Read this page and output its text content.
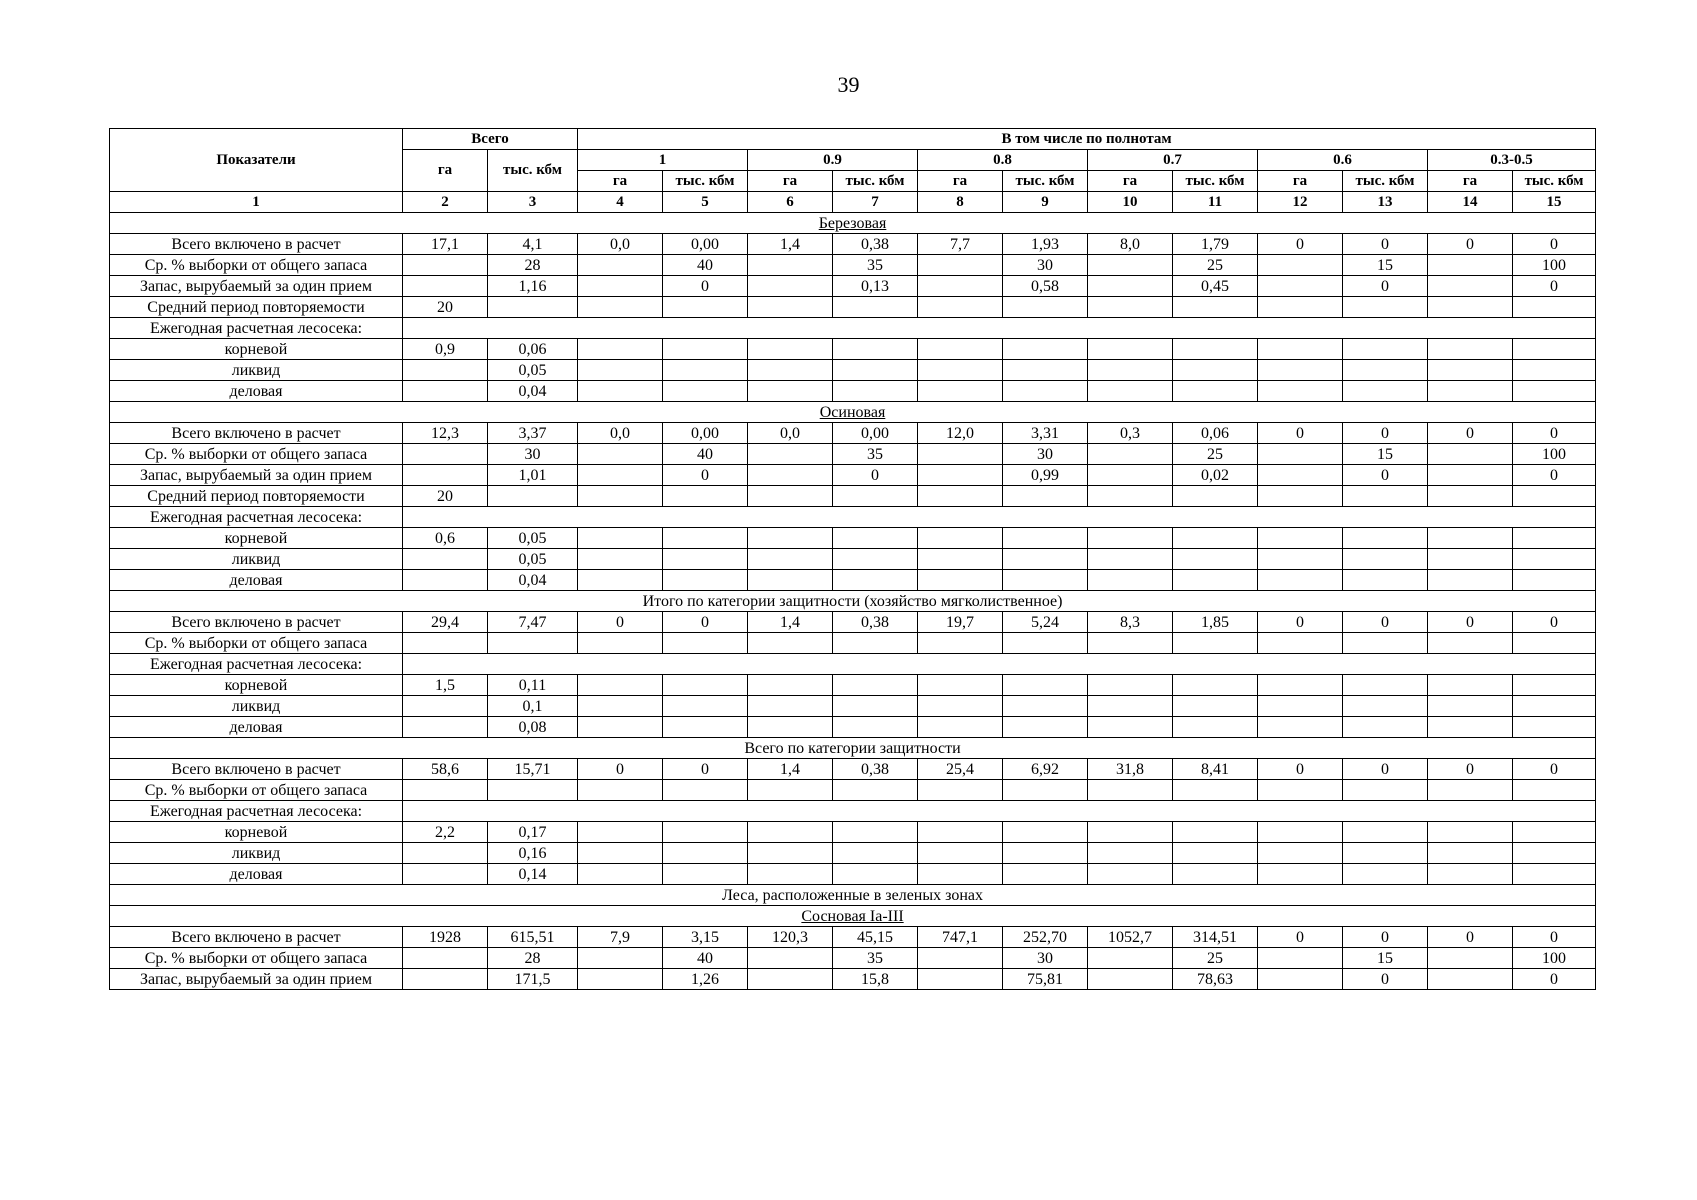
39
Показатели	Всего		В том числе по полнотам											
	га	тыс. кбм	1		0.9		0.8		0.7		0.6		0.3-0.5	
			га	тыс. кбм	га	тыс. кбм	га	тыс. кбм	га	тыс. кбм	га	тыс. кбм	га	тыс. кбм
1	2	3	4	5	6	7	8	9	10	11	12	13	14	15
Березовая														
Всего включено в расчет	17,1	4,1	0,0	0,00	1,4	0,38	7,7	1,93	8,0	1,79	0	0	0	0
Ср. % выборки от общего запаса		28		40		35		30		25		15		100
Запас, вырубаемый за один прием		1,16		0		0,13		0,58		0,45		0		0
Средний период повторяемости	20													
Ежегодная расчетная лесосека:														
корневой	0,9	0,06												
ликвид		0,05												
деловая		0,04												
Осиновая														
Всего включено в расчет	12,3	3,37	0,0	0,00	0,0	0,00	12,0	3,31	0,3	0,06	0	0	0	0
Ср. % выборки от общего запаса		30		40		35		30		25		15		100
Запас, вырубаемый за один прием		1,01		0		0		0,99		0,02		0		0
Средний период повторяемости	20													
Ежегодная расчетная лесосека:														
корневой	0,6	0,05												
ликвид		0,05												
деловая		0,04												
Итого по категории защитности (хозяйство мягколиственное)														
Всего включено в расчет	29,4	7,47	0	0	1,4	0,38	19,7	5,24	8,3	1,85	0	0	0	0
Ср. % выборки от общего запаса														
Ежегодная расчетная лесосека:														
корневой	1,5	0,11												
ликвид		0,1												
деловая		0,08												
Всего по категории защитности														
Всего включено в расчет	58,6	15,71	0	0	1,4	0,38	25,4	6,92	31,8	8,41	0	0	0	0
Ср. % выборки от общего запаса														
Ежегодная расчетная лесосека:														
корневой	2,2	0,17												
ликвид		0,16												
деловая		0,14												
Леса, расположенные в зеленых зонах														
Сосновая Ia-III														
Всего включено в расчет	1928	615,51	7,9	3,15	120,3	45,15	747,1	252,70	1052,7	314,51	0	0	0	0
Ср. % выборки от общего запаса		28		40		35		30		25		15		100
Запас, вырубаемый за один прием		171,5		1,26		15,8		75,81		78,63		0		0
